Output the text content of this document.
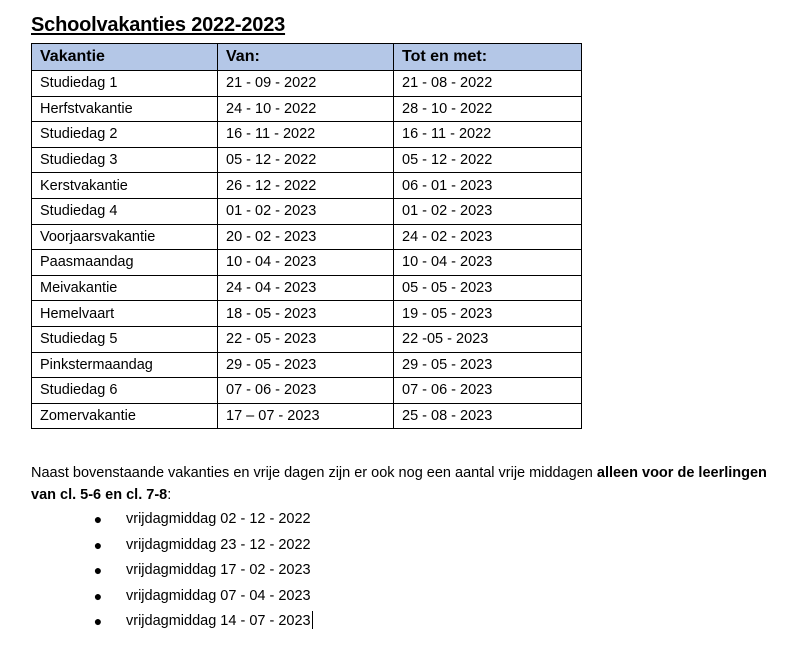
Schoolvakanties 2022-2023
Vakantie	Van:	Tot en met:
Studiedag 1	21 - 09 - 2022	21 - 08 - 2022
Herfstvakantie	24 - 10 - 2022	28 - 10 - 2022
Studiedag 2	16 - 11 - 2022	16 - 11 - 2022
Studiedag 3	05 - 12 - 2022	05 - 12 - 2022
Kerstvakantie	26 - 12 - 2022	06 - 01 - 2023
Studiedag 4	01 - 02 - 2023	01 - 02 - 2023
Voorjaarsvakantie	20 - 02 - 2023	24 - 02 - 2023
Paasmaandag	10 - 04 - 2023	10 - 04 - 2023
Meivakantie	24 - 04 - 2023	05 - 05 - 2023
Hemelvaart	18 - 05 - 2023	19 - 05 - 2023
Studiedag 5	22 - 05 - 2023	22 -05 - 2023
Pinkstermaandag	29 - 05 - 2023	29 - 05 - 2023
Studiedag 6	07 - 06 - 2023	07 - 06 - 2023
Zomervakantie	17 – 07 - 2023	25 - 08 - 2023
Naast bovenstaande vakanties en vrije dagen zijn er ook nog een aantal vrije middagen alleen voor de leerlingen van cl. 5-6 en cl. 7-8:
● vrijdagmiddag 02 - 12 - 2022
● vrijdagmiddag 23 - 12 - 2022
● vrijdagmiddag 17 - 02 - 2023
● vrijdagmiddag 07 - 04 - 2023
● vrijdagmiddag 14 - 07 - 2023
